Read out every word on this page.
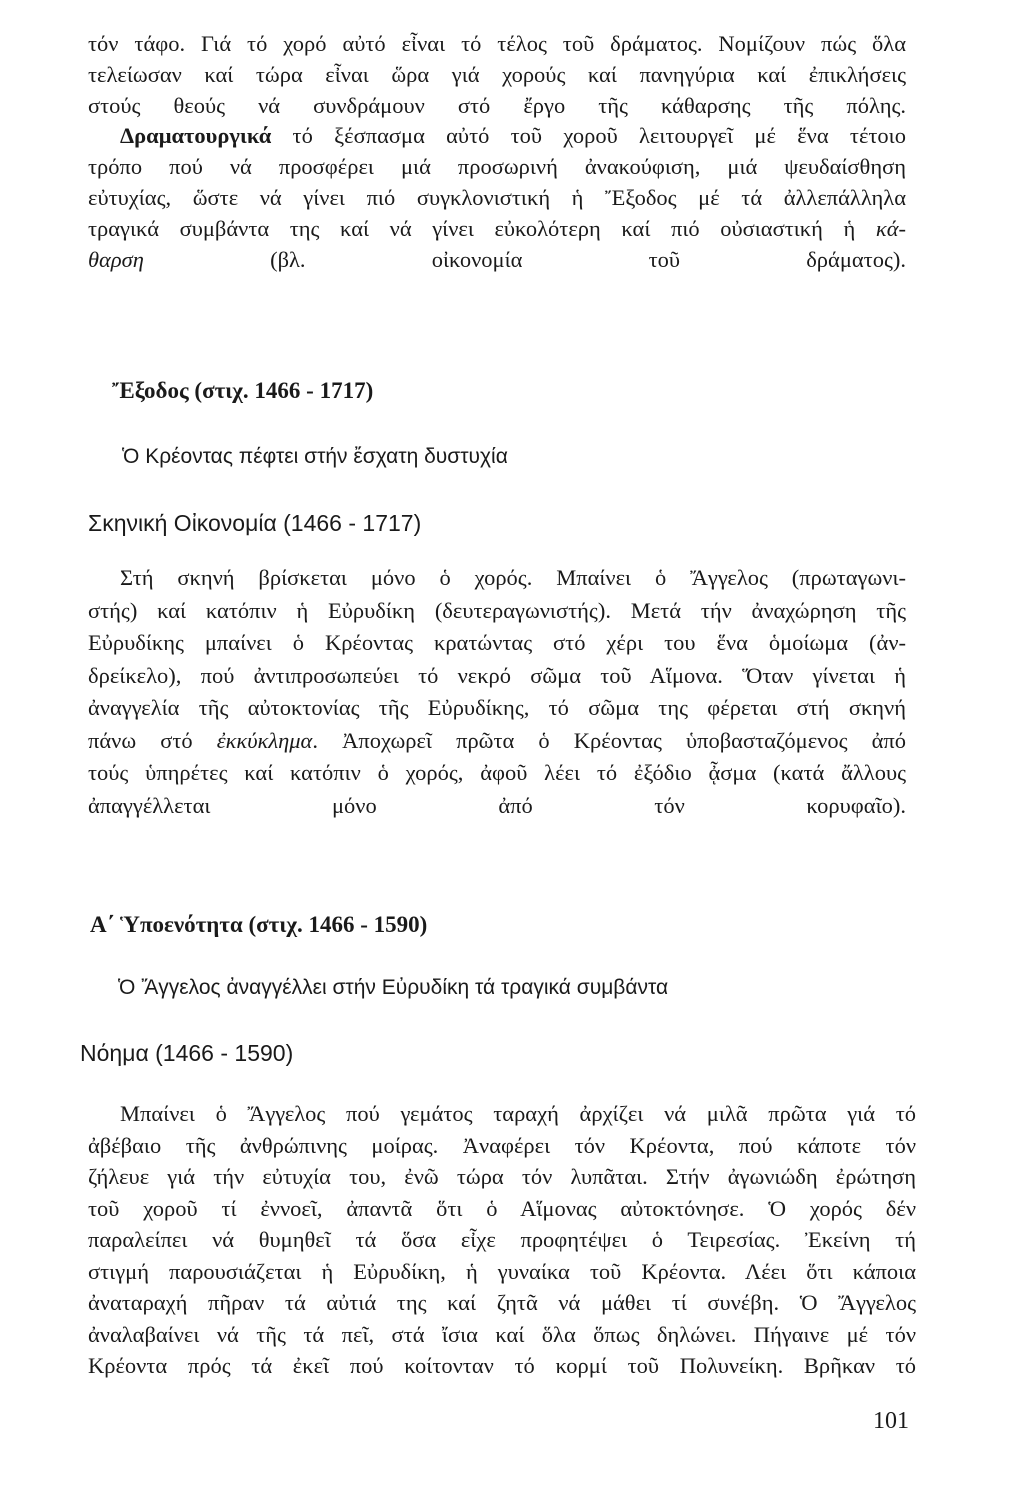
τόν τάφο. Γιά τό χορό αὐτό εἶναι τό τέλος τοῦ δράματος. Νομίζουν πώς ὅλα
τελείωσαν καί τώρα εἶναι ὥρα γιά χορούς καί πανηγύρια καί ἐπικλήσεις
στούς θεούς νά συνδράμουν στό ἔργο τῆς κάθαρσης τῆς πόλης.
Δραματουργικά τό ξέσπασμα αὐτό τοῦ χοροῦ λειτουργεῖ μέ ἕνα τέτοιο
τρόπο πού νά προσφέρει μιά προσωρινή ἀνακούφιση, μιά ψευδαίσθηση
εὐτυχίας, ὥστε νά γίνει πιό συγκλονιστική ἡ Ἔξοδος μέ τά ἀλλεπάλληλα
τραγικά συμβάντα της καί νά γίνει εὐκολότερη καί πιό οὐσιαστική ἡ κά-
θαρση (βλ. οἰκονομία τοῦ δράματος).
Ἔξοδος (στιχ. 1466 - 1717)
Ὁ Κρέοντας πέφτει στήν ἔσχατη δυστυχία
Σκηνική Οἰκονομία (1466 - 1717)
Στή σκηνή βρίσκεται μόνο ὁ χορός. Μπαίνει ὁ Ἄγγελος (πρωταγωνι-
στής) καί κατόπιν ἡ Εὐρυδίκη (δευτεραγωνιστής). Μετά τήν ἀναχώρηση τῆς
Εὐρυδίκης μπαίνει ὁ Κρέοντας κρατώντας στό χέρι του ἕνα ὁμοίωμα (ἀν-
δρείκελο), πού ἀντιπροσωπεύει τό νεκρό σῶμα τοῦ Αἵμονα. Ὅταν γίνεται ἡ
ἀναγγελία τῆς αὐτοκτονίας τῆς Εὐρυδίκης, τό σῶμα της φέρεται στή σκηνή
πάνω στό ἐκκύκλημα. Ἀποχωρεῖ πρῶτα ὁ Κρέοντας ὑποβασταζόμενος ἀπό
τούς ὑπηρέτες καί κατόπιν ὁ χορός, ἀφοῦ λέει τό ἐξόδιο ᾆσμα (κατά ἄλλους
ἀπαγγέλλεται μόνο ἀπό τόν κορυφαῖο).
Α΄ Ὑποενότητα (στιχ. 1466 - 1590)
Ὁ Ἄγγελος ἀναγγέλλει στήν Εὐρυδίκη τά τραγικά συμβάντα
Νόημα (1466 - 1590)
Μπαίνει ὁ Ἄγγελος πού γεμάτος ταραχή ἀρχίζει νά μιλᾶ πρῶτα γιά τό
ἀβέβαιο τῆς ἀνθρώπινης μοίρας. Ἀναφέρει τόν Κρέοντα, πού κάποτε τόν
ζήλευε γιά τήν εὐτυχία του, ἐνῶ τώρα τόν λυπᾶται. Στήν ἀγωνιώδη ἐρώτηση
τοῦ χοροῦ τί ἐννοεῖ, ἀπαντᾶ ὅτι ὁ Αἵμονας αὐτοκτόνησε. Ὁ χορός δέν
παραλείπει νά θυμηθεῖ τά ὅσα εἶχε προφητέψει ὁ Τειρεσίας. Ἐκείνη τή
στιγμή παρουσιάζεται ἡ Εὐρυδίκη, ἡ γυναίκα τοῦ Κρέοντα. Λέει ὅτι κάποια
ἀναταραχή πῆραν τά αὐτιά της καί ζητᾶ νά μάθει τί συνέβη. Ὁ Ἄγγελος
ἀναλαβαίνει νά τῆς τά πεῖ, στά ἴσια καί ὅλα ὅπως δηλώνει. Πήγαινε μέ τόν
Κρέοντα πρός τά ἐκεῖ πού κοίτονταν τό κορμί τοῦ Πολυνείκη. Βρῆκαν τό
101
